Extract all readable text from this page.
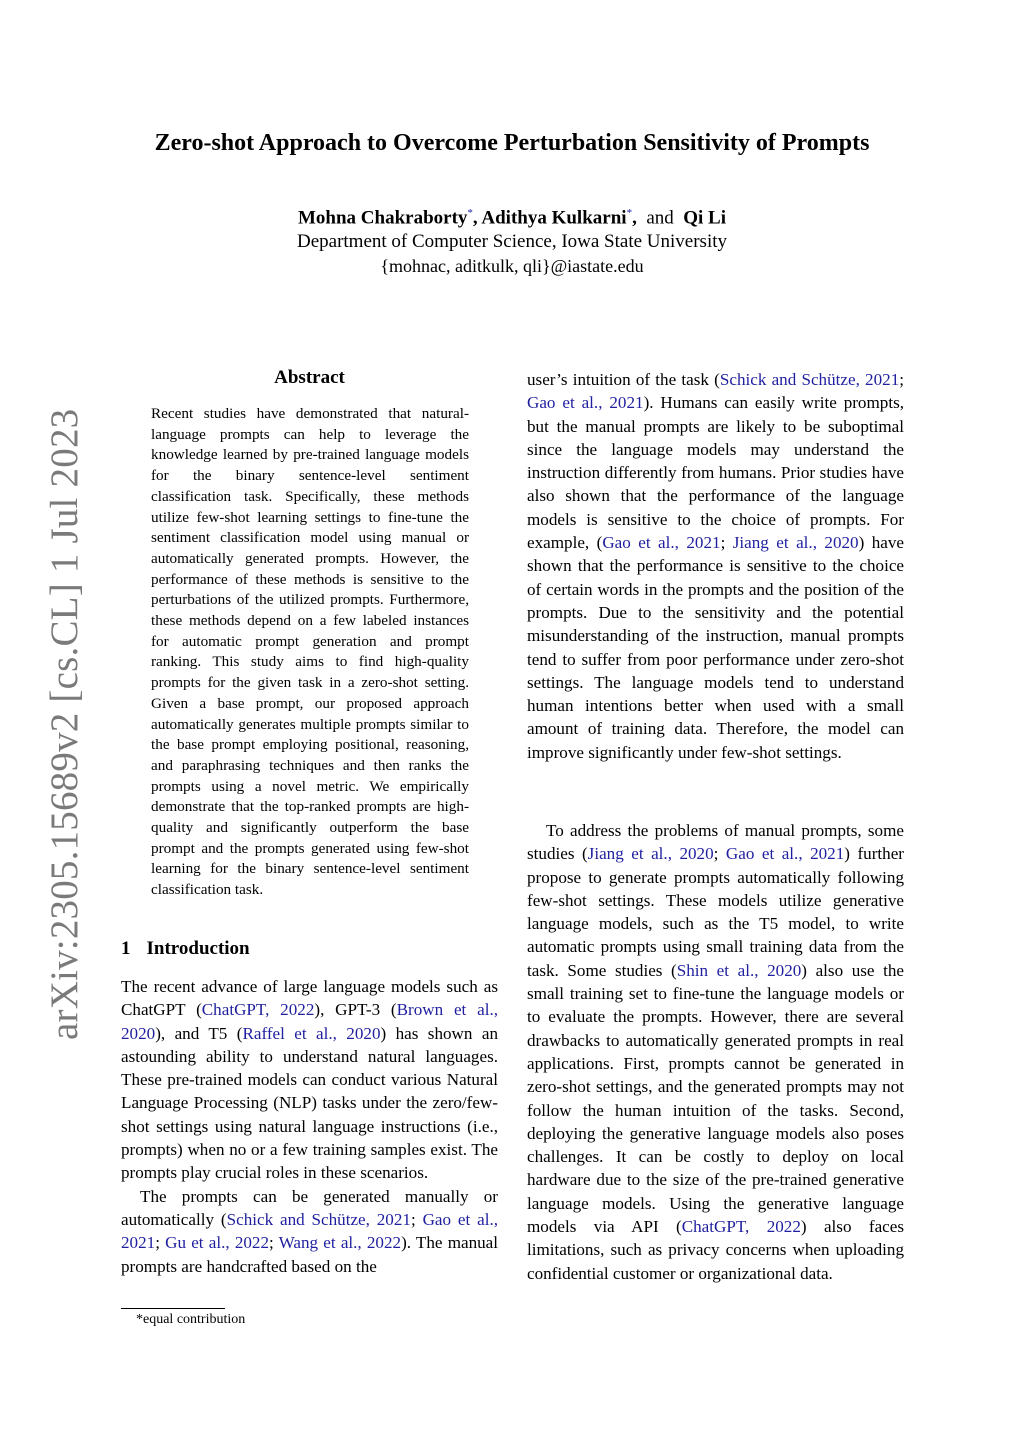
arXiv:2305.15689v2 [cs.CL] 1 Jul 2023
Zero-shot Approach to Overcome Perturbation Sensitivity of Prompts
Mohna Chakraborty*, Adithya Kulkarni*, and Qi Li
Department of Computer Science, Iowa State University
{mohnac, aditkulk, qli}@iastate.edu
Abstract

Recent studies have demonstrated that natural-language prompts can help to leverage the knowledge learned by pre-trained language models for the binary sentence-level sentiment classification task. Specifically, these methods utilize few-shot learning settings to fine-tune the sentiment classification model using manual or automatically generated prompts. However, the performance of these methods is sensitive to the perturbations of the utilized prompts. Furthermore, these methods depend on a few labeled instances for automatic prompt generation and prompt ranking. This study aims to find high-quality prompts for the given task in a zero-shot setting. Given a base prompt, our proposed approach automatically generates multiple prompts similar to the base prompt employing positional, reasoning, and paraphrasing techniques and then ranks the prompts using a novel metric. We empirically demonstrate that the top-ranked prompts are high-quality and significantly outperform the base prompt and the prompts generated using few-shot learning for the binary sentence-level sentiment classification task.

1 Introduction

The recent advance of large language models such as ChatGPT (ChatGPT, 2022), GPT-3 (Brown et al., 2020), and T5 (Raffel et al., 2020) has shown an astounding ability to understand natural languages. These pre-trained models can conduct various Natural Language Processing (NLP) tasks under the zero/few-shot settings using natural language instructions (i.e., prompts) when no or a few training samples exist. The prompts play crucial roles in these scenarios.

The prompts can be generated manually or automatically (Schick and Schütze, 2021; Gao et al., 2021; Gu et al., 2022; Wang et al., 2022). The manual prompts are handcrafted based on the

*equal contribution

user’s intuition of the task (Schick and Schütze, 2021; Gao et al., 2021). Humans can easily write prompts, but the manual prompts are likely to be suboptimal since the language models may understand the instruction differently from humans. Prior studies have also shown that the performance of the language models is sensitive to the choice of prompts. For example, (Gao et al., 2021; Jiang et al., 2020) have shown that the performance is sensitive to the choice of certain words in the prompts and the position of the prompts. Due to the sensitivity and the potential misunderstanding of the instruction, manual prompts tend to suffer from poor performance under zero-shot settings. The language models tend to understand human intentions better when used with a small amount of training data. Therefore, the model can improve significantly under few-shot settings.

To address the problems of manual prompts, some studies (Jiang et al., 2020; Gao et al., 2021) further propose to generate prompts automatically following few-shot settings. These models utilize generative language models, such as the T5 model, to write automatic prompts using small training data from the task. Some studies (Shin et al., 2020) also use the small training set to fine-tune the language models or to evaluate the prompts. However, there are several drawbacks to automatically generated prompts in real applications. First, prompts cannot be generated in zero-shot settings, and the generated prompts may not follow the human intuition of the tasks. Second, deploying the generative language models also poses challenges. It can be costly to deploy on local hardware due to the size of the pre-trained generative language models. Using the generative language models via API (ChatGPT, 2022) also faces limitations, such as privacy concerns when uploading confidential customer or organizational data.
